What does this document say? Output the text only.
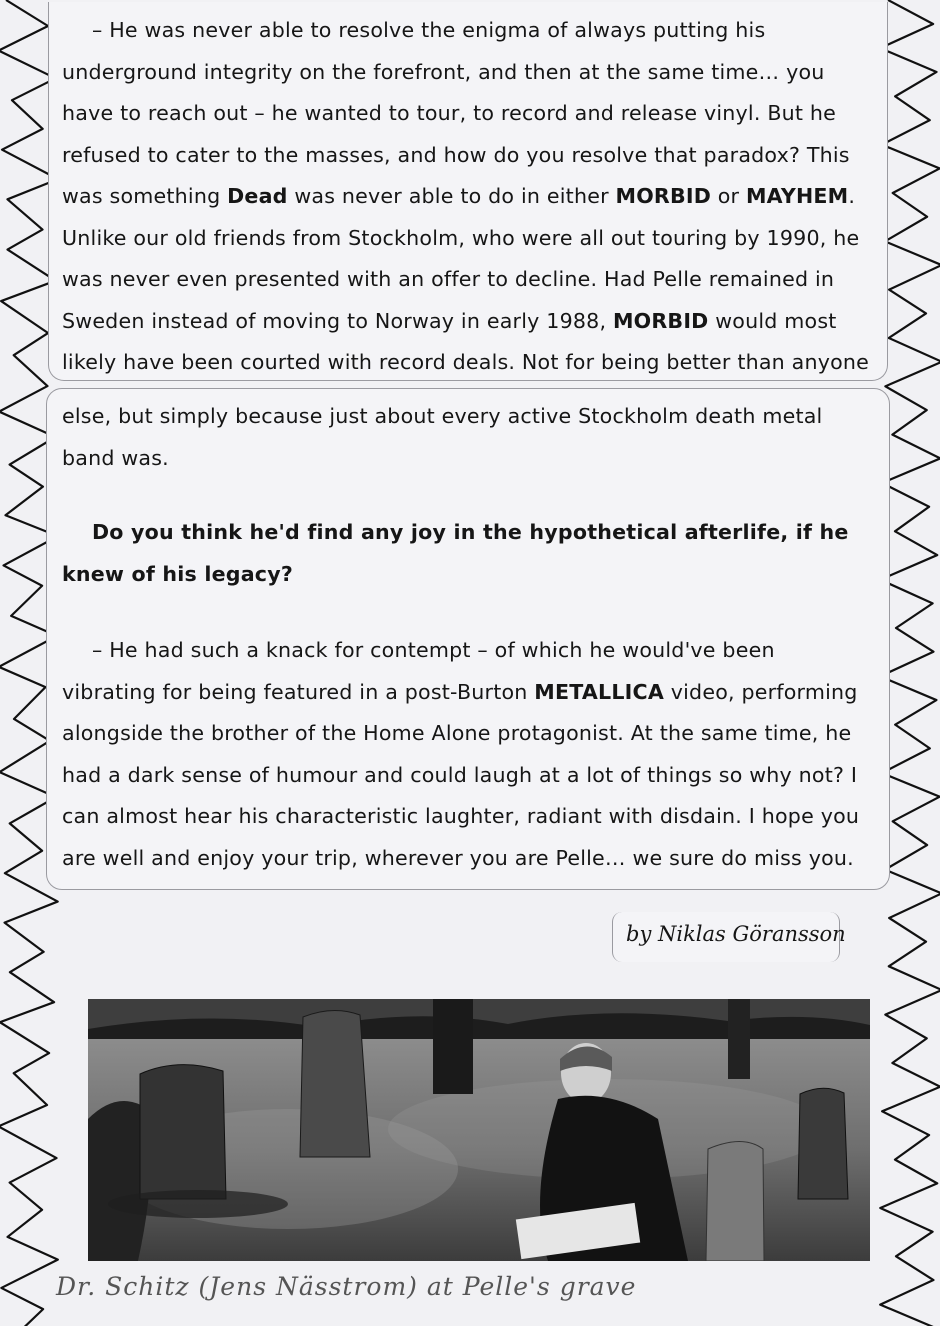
– He was never able to resolve the enigma of always putting his underground integrity on the forefront, and then at the same time… you have to reach out – he wanted to tour, to record and release vinyl. But he refused to cater to the masses, and how do you resolve that paradox? This was something Dead was never able to do in either MORBID or MAYHEM. Unlike our old friends from Stockholm, who were all out touring by 1990, he was never even presented with an offer to decline. Had Pelle remained in Sweden instead of moving to Norway in early 1988, MORBID would most likely have been courted with record deals. Not for being better than anyone
else, but simply because just about every active Stockholm death metal band was.
Do you think he'd find any joy in the hypothetical afterlife, if he knew of his legacy?
– He had such a knack for contempt – of which he would've been vibrating for being featured in a post-Burton METALLICA video, performing alongside the brother of the Home Alone protagonist. At the same time, he had a dark sense of humour and could laugh at a lot of things so why not? I can almost hear his characteristic laughter, radiant with disdain. I hope you are well and enjoy your trip, wherever you are Pelle… we sure do miss you.
by Niklas Göransson
Dr. Schitz (Jens Nässtrom) at Pelle's grave
